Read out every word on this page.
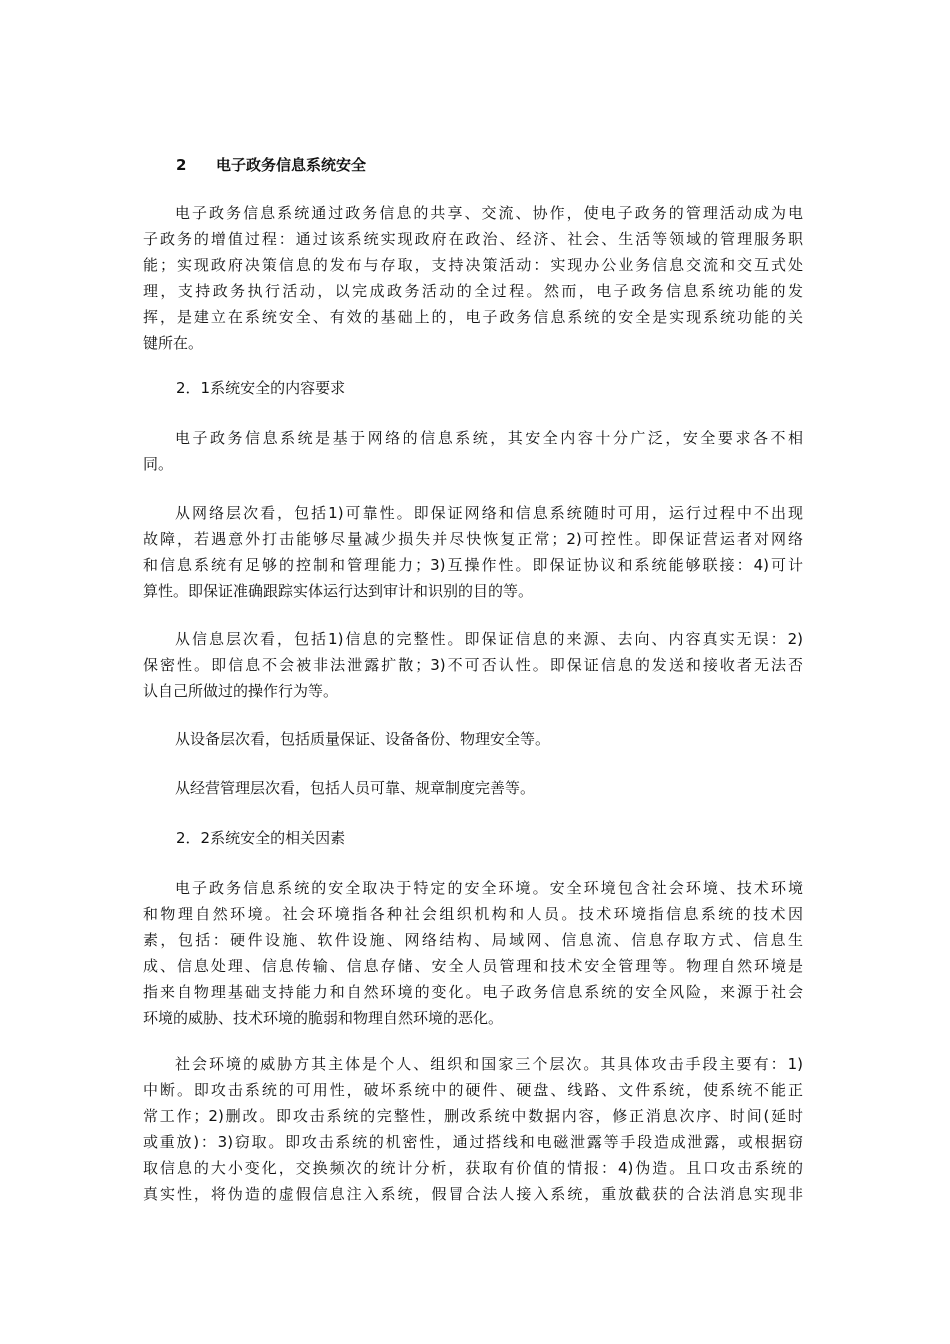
2 电子政务信息系统安全
电子政务信息系统通过政务信息的共享、交流、协作，使电子政务的管理活动成为电
子政务的增值过程：通过该系统实现政府在政治、经济、社会、生活等领域的管理服务职
能；实现政府决策信息的发布与存取，支持决策活动：实现办公业务信息交流和交互式处
理，支持政务执行活动，以完成政务活动的全过程。然而，电子政务信息系统功能的发
挥，是建立在系统安全、有效的基础上的，电子政务信息系统的安全是实现系统功能的关
键所在。
2．1系统安全的内容要求
电子政务信息系统是基于网络的信息系统，其安全内容十分广泛，安全要求各不相
同。
从网络层次看，包括1)可靠性。即保证网络和信息系统随时可用，运行过程中不出现
故障，若遇意外打击能够尽量减少损失并尽快恢复正常；2)可控性。即保证营运者对网络
和信息系统有足够的控制和管理能力；3)互操作性。即保证协议和系统能够联接：4)可计
算性。即保证准确跟踪实体运行达到审计和识别的目的等。
从信息层次看，包括1)信息的完整性。即保证信息的来源、去向、内容真实无误：2)
保密性。即信息不会被非法泄露扩散；3)不可否认性。即保证信息的发送和接收者无法否
认自己所做过的操作行为等。
从设备层次看，包括质量保证、设备备份、物理安全等。
从经营管理层次看，包括人员可靠、规章制度完善等。
2．2系统安全的相关因素
电子政务信息系统的安全取决于特定的安全环境。安全环境包含社会环境、技术环境
和物理自然环境。社会环境指各种社会组织机构和人员。技术环境指信息系统的技术因
素，包括：硬件设施、软件设施、网络结构、局域网、信息流、信息存取方式、信息生
成、信息处理、信息传输、信息存储、安全人员管理和技术安全管理等。物理自然环境是
指来自物理基础支持能力和自然环境的变化。电子政务信息系统的安全风险，来源于社会
环境的威胁、技术环境的脆弱和物理自然环境的恶化。
社会环境的威胁方其主体是个人、组织和国家三个层次。其具体攻击手段主要有：1)
中断。即攻击系统的可用性，破坏系统中的硬件、硬盘、线路、文件系统，使系统不能正
常工作；2)删改。即攻击系统的完整性，删改系统中数据内容，修正消息次序、时间(延时
或重放)：3)窃取。即攻击系统的机密性，通过搭线和电磁泄露等手段造成泄露，或根据窃
取信息的大小变化，交换频次的统计分析，获取有价值的情报：4)伪造。且口攻击系统的
真实性，将伪造的虚假信息注入系统，假冒合法人接入系统，重放截获的合法消息实现非
